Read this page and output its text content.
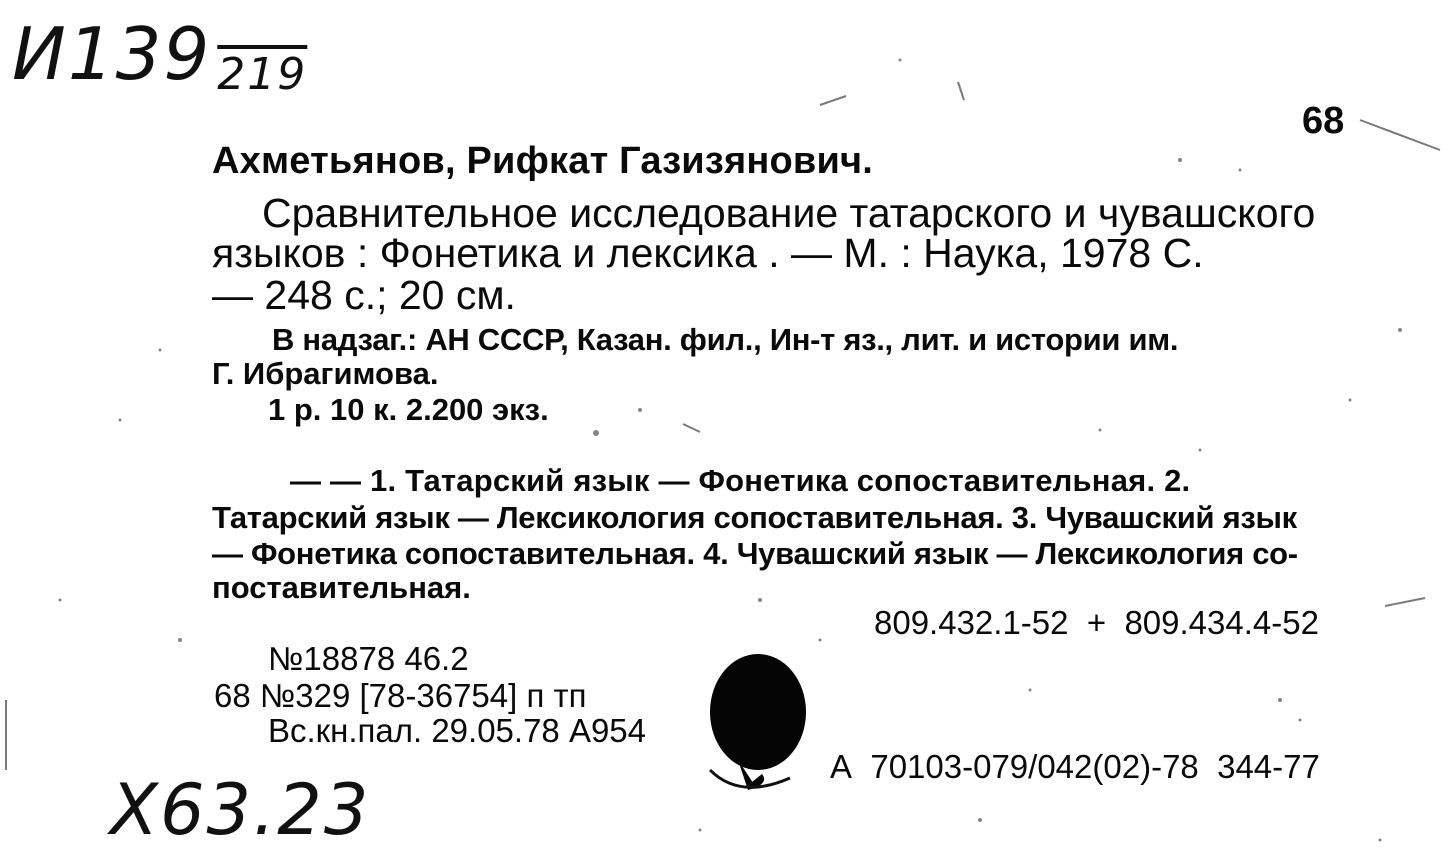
И139 219
68
Ахметьянов, Рифкат Газизянович.
Сравнительное исследование татарского и чувашского
языков : Фонетика и лексика . — М. : Наука, 1978 С.
— 248 с.; 20 см.
В надзаг.: АН СССР, Казан. фил., Ин-т яз., лит. и истории им.
Г. Ибрагимова.
1 р. 10 к. 2.200 экз.
— — 1. Татарский язык — Фонетика сопоставительная. 2.
Татарский язык — Лексикология сопоставительная. 3. Чувашский язык
— Фонетика сопоставительная. 4. Чувашский язык — Лексикология со-
поставительная.
809.432.1-52  +  809.434.4-52
№18878 46.2
68 №329 [78-36754] п тп
Вс.кн.пал. 29.05.78 А954
А  70103-079/042(02)-78  344-77
Х63.23
